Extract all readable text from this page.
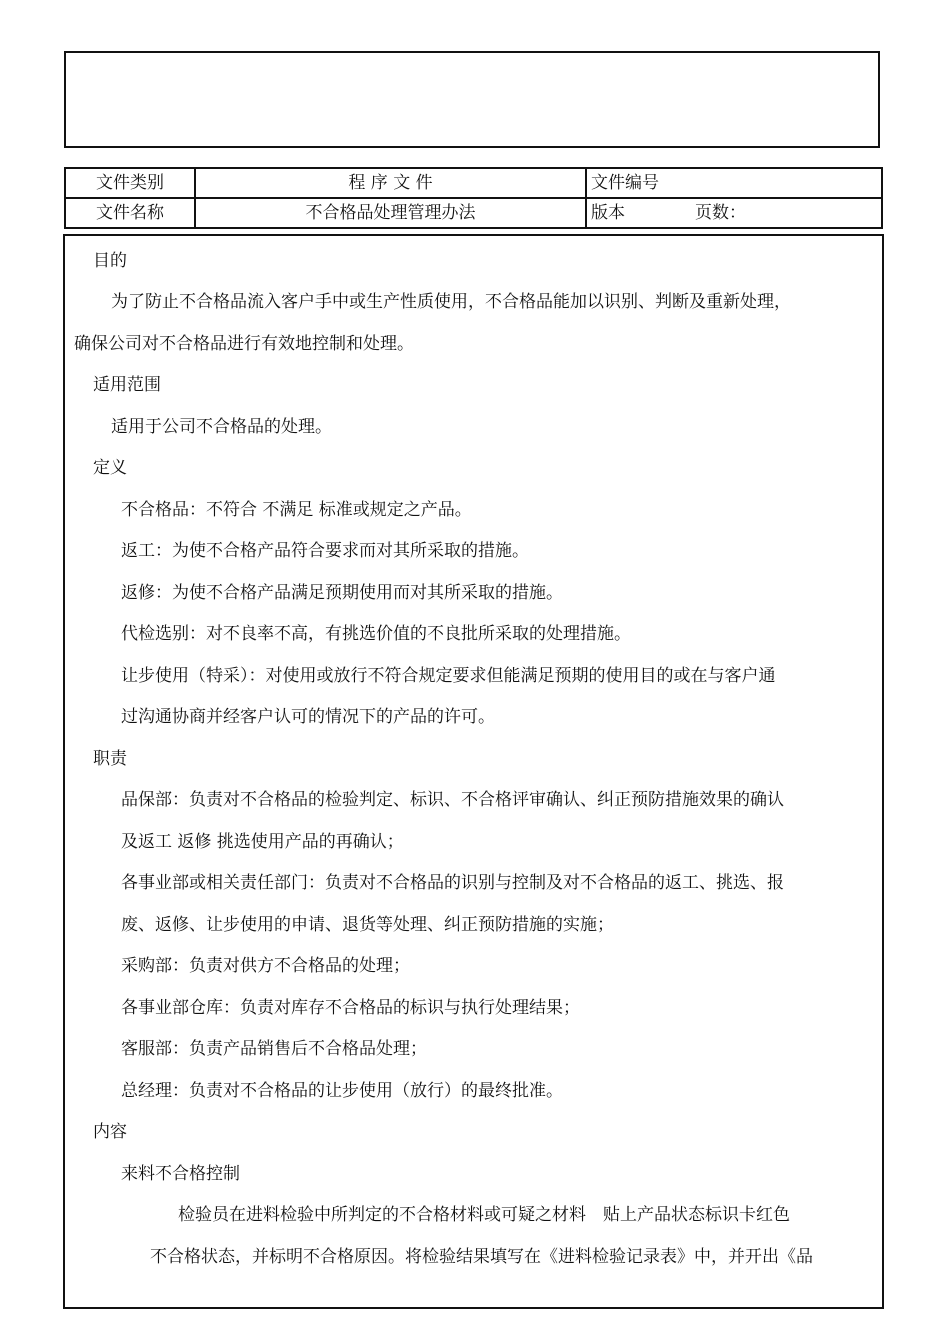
文件类别	程 序 文 件	文件编号
文件名称	不合格品处理管理办法	版本 页数：
目的
为了防止不合格品流入客户手中或生产性质使用，不合格品能加以识别、判断及重新处理，
确保公司对不合格品进行有效地控制和处理。
适用范围
适用于公司不合格品的处理。
定义
不合格品：不符合 不满足 标准或规定之产品。
返工：为使不合格产品符合要求而对其所采取的措施。
返修：为使不合格产品满足预期使用而对其所采取的措施。
代检选别：对不良率不高，有挑选价值的不良批所采取的处理措施。
让步使用（特采）：对使用或放行不符合规定要求但能满足预期的使用目的或在与客户通
过沟通协商并经客户认可的情况下的产品的许可。
职责
品保部：负责对不合格品的检验判定、标识、不合格评审确认、纠正预防措施效果的确认
及返工 返修 挑选使用产品的再确认；
各事业部或相关责任部门：负责对不合格品的识别与控制及对不合格品的返工、挑选、报
废、返修、让步使用的申请、退货等处理、纠正预防措施的实施；
采购部：负责对供方不合格品的处理；
各事业部仓库：负责对库存不合格品的标识与执行处理结果；
客服部：负责产品销售后不合格品处理；
总经理：负责对不合格品的让步使用（放行）的最终批准。
内容
来料不合格控制
检验员在进料检验中所判定的不合格材料或可疑之材料　贴上产品状态标识卡红色
不合格状态，并标明不合格原因。将检验结果填写在《进料检验记录表》中，并开出《品
